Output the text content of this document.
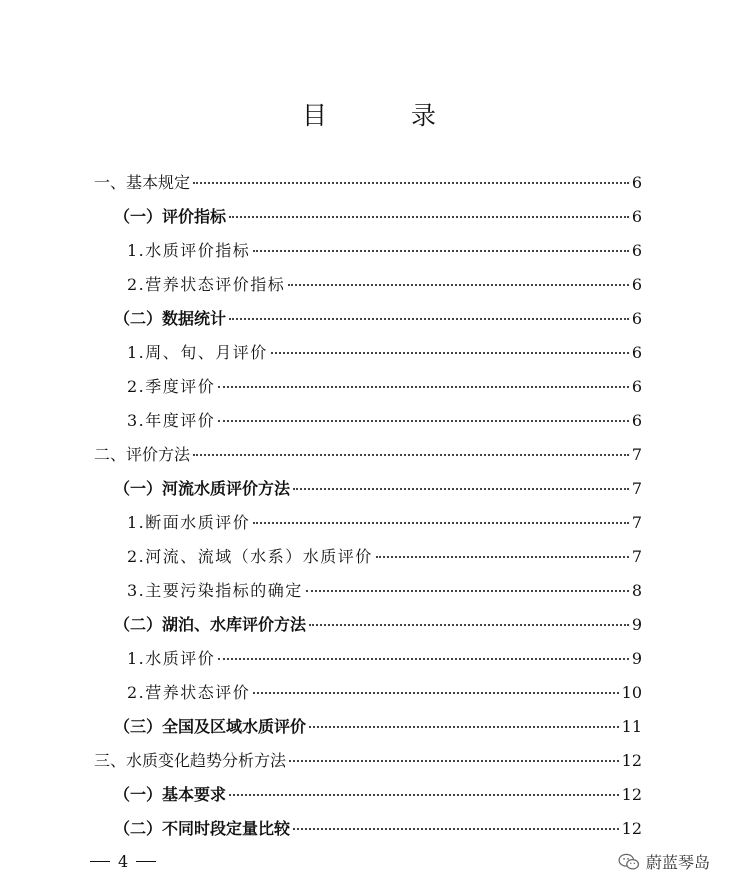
目 录
一、基本规定	6
（一）评价指标	6
1.水质评价指标	6
2.营养状态评价指标	6
（二）数据统计	6
1.周、旬、月评价	6
2.季度评价	6
3.年度评价	6
二、评价方法	7
（一）河流水质评价方法	7
1.断面水质评价	7
2.河流、流域（水系）水质评价	7
3.主要污染指标的确定	8
（二）湖泊、水库评价方法	9
1.水质评价	9
2.营养状态评价	10
（三）全国及区域水质评价	11
三、水质变化趋势分析方法	12
（一）基本要求	12
（二）不同时段定量比较	12
4	蔚蓝琴岛
